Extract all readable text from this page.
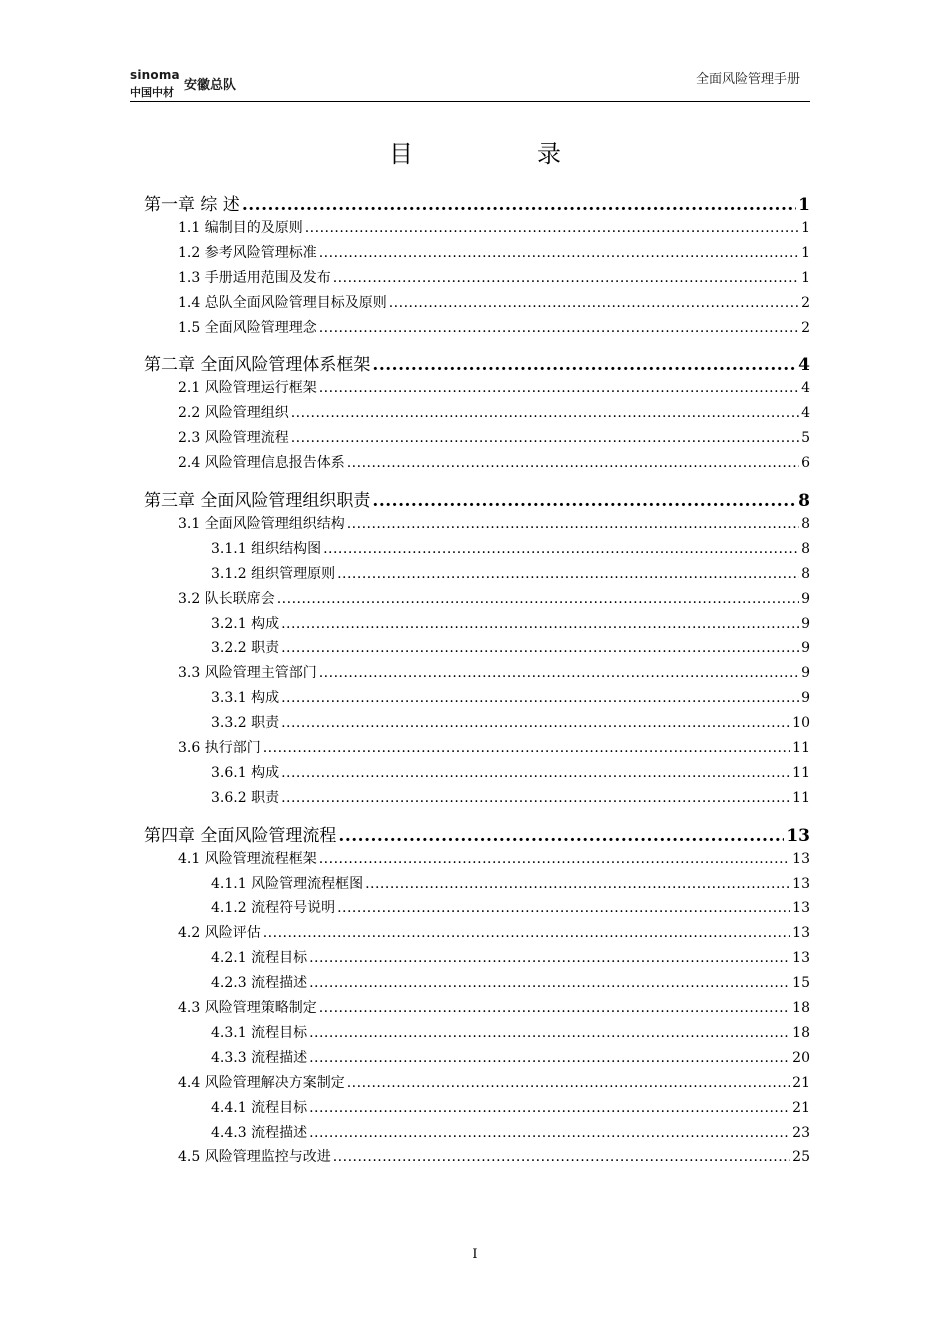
sinoma
安徽总队
中国中材
全面风险管理手册
目	录
第一章 综 述 .....	1
1.1 编制目的及原则 .....	1
1.2 参考风险管理标准 .....	1
1.3 手册适用范围及发布 .....	1
1.4 总队全面风险管理目标及原则 .....	2
1.5 全面风险管理理念 .....	2
第二章 全面风险管理体系框架 .....	4
2.1 风险管理运行框架 .....	4
2.2 风险管理组织 .....	4
2.3 风险管理流程 .....	5
2.4 风险管理信息报告体系 .....	6
第三章 全面风险管理组织职责 .....	8
3.1 全面风险管理组织结构 .....	8
3.1.1 组织结构图 .....	8
3.1.2 组织管理原则 .....	8
3.2 队长联席会 .....	9
3.2.1 构成 .....	9
3.2.2 职责 .....	9
3.3 风险管理主管部门 .....	9
3.3.1 构成 .....	9
3.3.2 职责 .....	10
3.6 执行部门 .....	11
3.6.1 构成 .....	11
3.6.2 职责 .....	11
第四章 全面风险管理流程 .....	13
4.1 风险管理流程框架 .....	13
4.1.1 风险管理流程框图 .....	13
4.1.2 流程符号说明 .....	13
4.2 风险评估 .....	13
4.2.1 流程目标 .....	13
4.2.3 流程描述 .....	15
4.3 风险管理策略制定 .....	18
4.3.1 流程目标 .....	18
4.3.3 流程描述 .....	20
4.4 风险管理解决方案制定 .....	21
4.4.1 流程目标 .....	21
4.4.3 流程描述 .....	23
4.5 风险管理监控与改进 .....	25
I
